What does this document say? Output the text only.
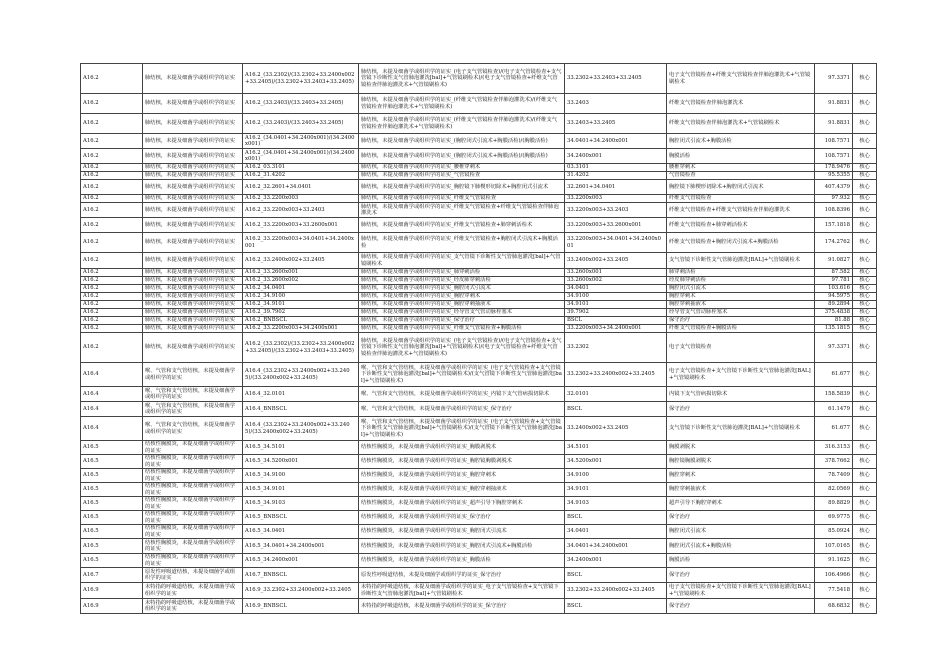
A16.2	肺结核，未提及细菌学或组织学的证实	A16.2_(33.2302)/(33.2302+33.2400x002+33.2405)/(33.2302+33.2403+33.2405)	肺结核，未提及细菌学或组织学的证实_(电子支气管镜检查)/(电子支气管镜检查+支气管镜下诊断性支气管肺泡灌洗[bal]+气管镜刷检术)/(电子支气管镜检查+纤维支气管镜检查伴肺泡灌洗术+气管镜刷检术)	33.2302+33.2403+33.2405	电子支气管镜检查+纤维支气管镜检查伴肺泡灌洗术+气管镜刷检术	97.3371	核心
A16.2	肺结核，未提及细菌学或组织学的证实	A16.2_(33.2403)/(33.2403+33.2405)	肺结核，未提及细菌学或组织学的证实_(纤维支气管镜检查伴肺泡灌洗术)/(纤维支气管镜检查伴肺泡灌洗术+气管镜刷检术)	33.2403	纤维支气管镜检查伴肺泡灌洗术	91.8831	核心
A16.2	肺结核，未提及细菌学或组织学的证实	A16.2_(33.2403)/(33.2403+33.2405)	肺结核，未提及细菌学或组织学的证实_(纤维支气管镜检查伴肺泡灌洗术)/(纤维支气管镜检查伴肺泡灌洗术+气管镜刷检术)	33.2403+33.2405	纤维支气管镜检查伴肺泡灌洗术+气管镜刷检术	91.8831	核心
A16.2	肺结核，未提及细菌学或组织学的证实	A16.2_(34.0401+34.2400x001)/(34.2400x001)	肺结核，未提及细菌学或组织学的证实_(胸腔闭式引流术+胸膜活检)/(胸膜活检)	34.0401+34.2400x001	胸腔闭式引流术+胸膜活检	108.7571	核心
A16.2	肺结核，未提及细菌学或组织学的证实	A16.2_(34.0401+34.2400x001)/(34.2400x001)	肺结核，未提及细菌学或组织学的证实_(胸腔闭式引流术+胸膜活检)/(胸膜活检)	34.2400x001	胸膜活检	108.7571	核心
A16.2	肺结核，未提及细菌学或组织学的证实	A16.2_03.3101	肺结核，未提及细菌学或组织学的证实_腰椎穿刺术	03.3101	腰椎穿刺术	178.9476	核心
A16.2	肺结核，未提及细菌学或组织学的证实	A16.2_31.4202	肺结核，未提及细菌学或组织学的证实_气管镜检查	31.4202	气管镜检查	95.5355	核心
A16.2	肺结核，未提及细菌学或组织学的证实	A16.2_32.2601+34.0401	肺结核，未提及细菌学或组织学的证实_胸腔镜下肺楔形切除术+胸腔闭式引流术	32.2601+34.0401	胸腔镜下肺楔形切除术+胸腔闭式引流术	407.4379	核心
A16.2	肺结核，未提及细菌学或组织学的证实	A16.2_33.2200x003	肺结核，未提及细菌学或组织学的证实_纤维支气管镜检查	33.2200x003	纤维支气管镜检查	97.932	核心
A16.2	肺结核，未提及细菌学或组织学的证实	A16.2_33.2200x003+33.2403	肺结核，未提及细菌学或组织学的证实_纤维支气管镜检查+纤维支气管镜检查伴肺泡灌洗术	33.2200x003+33.2403	纤维支气管镜检查+纤维支气管镜检查伴肺泡灌洗术	108.8396	核心
A16.2	肺结核，未提及细菌学或组织学的证实	A16.2_33.2200x003+33.2600x001	肺结核，未提及细菌学或组织学的证实_纤维支气管镜检查+肺穿刺活检术	33.2200x003+33.2600x001	纤维支气管镜检查+肺穿刺活检术	157.1818	核心
A16.2	肺结核，未提及细菌学或组织学的证实	A16.2_33.2200x003+34.0401+34.2400x001	肺结核，未提及细菌学或组织学的证实_纤维支气管镜检查+胸腔闭式引流术+胸膜活检	33.2200x003+34.0401+34.2400x001	纤维支气管镜检查+胸腔闭式引流术+胸膜活检	174.2762	核心
A16.2	肺结核，未提及细菌学或组织学的证实	A16.2_33.2400x002+33.2405	肺结核，未提及细菌学或组织学的证实_支气管镜下诊断性支气管肺泡灌洗[bal]+气管镜刷检术	33.2400x002+33.2405	支气管镜下诊断性支气管肺泡灌洗[BAL]+气管镜刷检术	91.0827	核心
A16.2	肺结核，未提及细菌学或组织学的证实	A16.2_33.2600x001	肺结核，未提及细菌学或组织学的证实_肺穿刺活检	33.2600x001	肺穿刺活检	87.582	核心
A16.2	肺结核，未提及细菌学或组织学的证实	A16.2_33.2600x002	肺结核，未提及细菌学或组织学的证实_经皮肺穿刺活检	33.2600x002	经皮肺穿刺活检	97.781	核心
A16.2	肺结核，未提及细菌学或组织学的证实	A16.2_34.0401	肺结核，未提及细菌学或组织学的证实_胸腔闭式引流术	34.0401	胸腔闭式引流术	103.616	核心
A16.2	肺结核，未提及细菌学或组织学的证实	A16.2_34.9100	肺结核，未提及细菌学或组织学的证实_胸腔穿刺术	34.9100	胸腔穿刺术	94.5975	核心
A16.2	肺结核，未提及细菌学或组织学的证实	A16.2_34.9101	肺结核，未提及细菌学或组织学的证实_胸腔穿刺抽液术	34.9101	胸腔穿刺抽液术	89.2894	核心
A16.2	肺结核，未提及细菌学或组织学的证实	A16.2_39.7902	肺结核，未提及细菌学或组织学的证实_经导管支气管动脉栓塞术	39.7902	经导管支气管动脉栓塞术	375.4838	核心
A16.2	肺结核，未提及细菌学或组织学的证实	A16.2_BNBSCL	肺结核，未提及细菌学或组织学的证实_保守治疗	BSCL	保守治疗	81.88	核心
A16.2	肺结核，未提及细菌学或组织学的证实	A16.2_33.2200x003+34.2400x001	肺结核，未提及细菌学或组织学的证实_纤维支气管镜检查+胸膜活检	33.2200x003+34.2400x001	纤维支气管镜检查+胸膜活检	135.1815	核心
A16.2	肺结核，未提及细菌学或组织学的证实	A16.2_(33.2302)/(33.2302+33.2400x002+33.2405)/(33.2302+33.2403+33.2405)	肺结核，未提及细菌学或组织学的证实_(电子支气管镜检查)/(电子支气管镜检查+支气管镜下诊断性支气管肺泡灌洗[bal]+气管镜刷检术)/(电子支气管镜检查+纤维支气管镜检查伴肺泡灌洗术+气管镜刷检术)	33.2302	电子支气管镜检查	97.3371	核心
A16.4	喉、气管和支气管结核，未提及细菌学或组织学的证实	A16.4_(33.2302+33.2400x002+33.2405)/(33.2400x002+33.2405)	喉、气管和支气管结核，未提及细菌学或组织学的证实_(电子支气管镜检查+支气管镜下诊断性支气管肺泡灌洗[bal]+气管镜刷检术)/(支气管镜下诊断性支气管肺泡灌洗[bal]+气管镜刷检术)	33.2302+33.2400x002+33.2405	电子支气管镜检查+支气管镜下诊断性支气管肺泡灌洗[BAL]+气管镜刷检术	61.677	核心
A16.4	喉、气管和支气管结核，未提及细菌学或组织学的证实	A16.4_32.0101	喉、气管和支气管结核，未提及细菌学或组织学的证实_内镜下支气管病损切除术	32.0101	内镜下支气管病损切除术	158.5839	核心
A16.4	喉、气管和支气管结核，未提及细菌学或组织学的证实	A16.4_BNBSCL	喉、气管和支气管结核，未提及细菌学或组织学的证实_保守治疗	BSCL	保守治疗	61.1479	核心
A16.4	喉、气管和支气管结核，未提及细菌学或组织学的证实	A16.4_(33.2302+33.2400x002+33.2405)/(33.2400x002+33.2405)	喉、气管和支气管结核，未提及细菌学或组织学的证实_(电子支气管镜检查+支气管镜下诊断性支气管肺泡灌洗[bal]+气管镜刷检术)/(支气管镜下诊断性支气管肺泡灌洗[bal]+气管镜刷检术)	33.2400x002+33.2405	支气管镜下诊断性支气管肺泡灌洗[BAL]+气管镜刷检术	61.677	核心
A16.5	结核性胸膜炎，未提及细菌学或组织学的证实	A16.5_34.5101	结核性胸膜炎，未提及细菌学或组织学的证实_胸膜剥脱术	34.5101	胸膜剥脱术	316.3153	核心
A16.5	结核性胸膜炎，未提及细菌学或组织学的证实	A16.5_34.5200x001	结核性胸膜炎，未提及细菌学或组织学的证实_胸腔镜胸膜剥脱术	34.5200x001	胸腔镜胸膜剥脱术	378.7662	核心
A16.5	结核性胸膜炎，未提及细菌学或组织学的证实	A16.5_34.9100	结核性胸膜炎，未提及细菌学或组织学的证实_胸腔穿刺术	34.9100	胸腔穿刺术	78.7409	核心
A16.5	结核性胸膜炎，未提及细菌学或组织学的证实	A16.5_34.9101	结核性胸膜炎，未提及细菌学或组织学的证实_胸腔穿刺抽液术	34.9101	胸腔穿刺抽液术	82.0569	核心
A16.5	结核性胸膜炎，未提及细菌学或组织学的证实	A16.5_34.9103	结核性胸膜炎，未提及细菌学或组织学的证实_超声引导下胸腔穿刺术	34.9103	超声引导下胸腔穿刺术	89.8829	核心
A16.5	结核性胸膜炎，未提及细菌学或组织学的证实	A16.5_BNBSCL	结核性胸膜炎，未提及细菌学或组织学的证实_保守治疗	BSCL	保守治疗	69.9775	核心
A16.5	结核性胸膜炎，未提及细菌学或组织学的证实	A16.5_34.0401	结核性胸膜炎，未提及细菌学或组织学的证实_胸腔闭式引流术	34.0401	胸腔闭式引流术	85.0924	核心
A16.5	结核性胸膜炎，未提及细菌学或组织学的证实	A16.5_34.0401+34.2400x001	结核性胸膜炎，未提及细菌学或组织学的证实_胸腔闭式引流术+胸膜活检	34.0401+34.2400x001	胸腔闭式引流术+胸膜活检	107.0165	核心
A16.5	结核性胸膜炎，未提及细菌学或组织学的证实	A16.5_34.2400x001	结核性胸膜炎，未提及细菌学或组织学的证实_胸膜活检	34.2400x001	胸膜活检	91.1625	核心
A16.7	原发性呼吸道结核，未提及细菌学或组织学的证实	A16.7_BNBSCL	原发性呼吸道结核，未提及细菌学或组织学的证实_保守治疗	BSCL	保守治疗	106.4966	核心
A16.9	未特指的呼吸道结核，未提及细菌学或组织学的证实	A16.9_33.2302+33.2400x002+33.2405	未特指的呼吸道结核，未提及细菌学或组织学的证实_电子支气管镜检查+支气管镜下诊断性支气管肺泡灌洗[bal]+气管镜刷检术	33.2302+33.2400x002+33.2405	电子支气管镜检查+支气管镜下诊断性支气管肺泡灌洗[BAL]+气管镜刷检术	77.5418	核心
A16.9	未特指的呼吸道结核，未提及细菌学或组织学的证实	A16.9_BNBSCL	未特指的呼吸道结核，未提及细菌学或组织学的证实_保守治疗	BSCL	保守治疗	68.6832	核心
